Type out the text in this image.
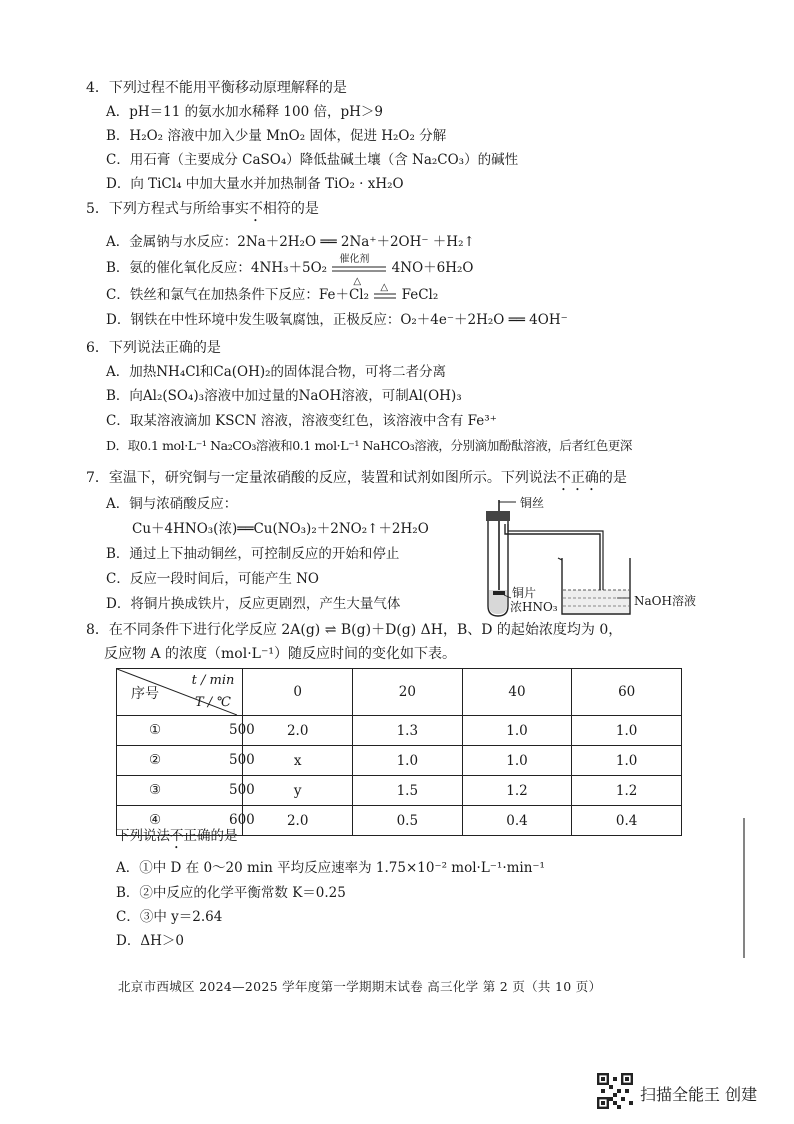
4．下列过程不能用平衡移动原理解释的是
A．pH＝11 的氨水加水稀释 100 倍，pH＞9
B．H₂O₂ 溶液中加入少量 MnO₂ 固体，促进 H₂O₂ 分解
C．用石膏（主要成分 CaSO₄）降低盐碱土壤（含 Na₂CO₃）的碱性
D．向 TiCl₄ 中加大量水并加热制备 TiO₂ · xH₂O
5．下列方程式与所给事实不相符的是
A．金属钠与水反应：2Na＋2H₂O ══ 2Na⁺＋2OH⁻ ＋H₂↑
B．氨的催化氧化反应：4NH₃＋5O₂
催化剂
△
4NO＋6H₂O
C．铁丝和氯气在加热条件下反应：Fe＋Cl₂ △ FeCl₂
D．钢铁在中性环境中发生吸氧腐蚀，正极反应：O₂＋4e⁻＋2H₂O ══ 4OH⁻
6．下列说法正确的是
A．加热NH₄Cl和Ca(OH)₂的固体混合物，可将二者分离
B．向Al₂(SO₄)₃溶液中加过量的NaOH溶液，可制Al(OH)₃
C．取某溶液滴加 KSCN 溶液，溶液变红色，该溶液中含有 Fe³⁺
D．取0.1 mol·L⁻¹ Na₂CO₃溶液和0.1 mol·L⁻¹ NaHCO₃溶液，分别滴加酚酞溶液，后者红色更深
7．室温下，研究铜与一定量浓硝酸的反应，装置和试剂如图所示。下列说法不正确的是
A．铜与浓硝酸反应：
Cu＋4HNO₃(浓)══Cu(NO₃)₂＋2NO₂↑＋2H₂O
B．通过上下抽动铜丝，可控制反应的开始和停止
C．反应一段时间后，可能产生 NO
D．将铜片换成铁片，反应更剧烈，产生大量气体
铜丝
铜片
浓HNO₃	NaOH溶液
8．在不同条件下进行化学反应 2A(g) ⇌ B(g)＋D(g) ΔH，B、D 的起始浓度均为 0，
反应物 A 的浓度（mol·L⁻¹）随反应时间的变化如下表。
序号
t / min
T / ℃	0	20	40	60

① 500	2.0	1.3	1.0	1.0

② 500	x	1.0	1.0	1.0

③ 500	y	1.5	1.2	1.2

④ 600	2.0	0.5	0.4	0.4
下列说法不正确的是
A．①中 D 在 0～20 min 平均反应速率为 1.75×10⁻² mol·L⁻¹·min⁻¹
B．②中反应的化学平衡常数 K＝0.25
C．③中 y＝2.64
D．ΔH＞0
北京市西城区 2024—2025 学年度第一学期期末试卷 高三化学 第 2 页（共 10 页）
扫描全能王 创建
